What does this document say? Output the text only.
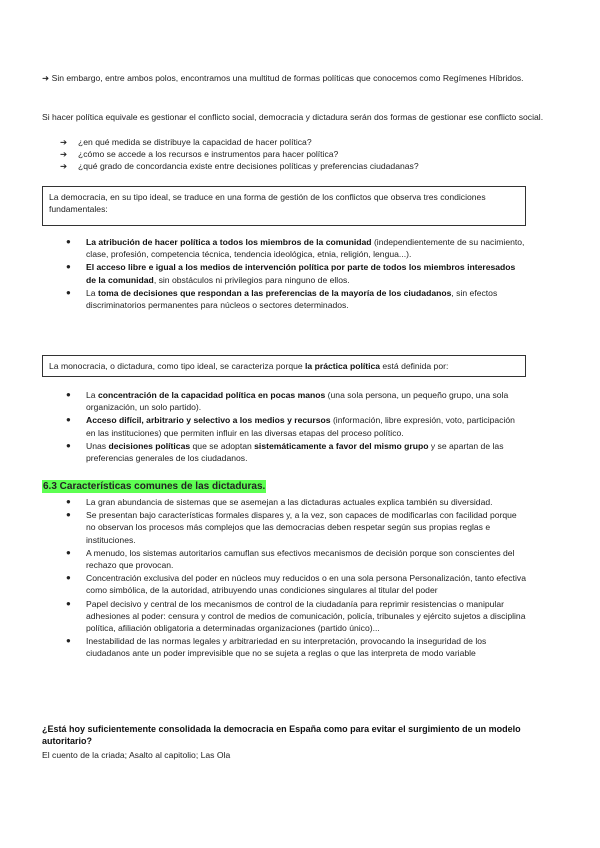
➜ Sin embargo, entre ambos polos, encontramos una multitud de formas políticas que conocemos como Regímenes Híbridos.

Si hacer política equivale es gestionar el conflicto social, democracia y dictadura serán dos formas de gestionar ese conflicto social.

➔ ¿en qué medida se distribuye la capacidad de hacer política?
➔ ¿cómo se accede a los recursos e instrumentos para hacer política?
➔ ¿qué grado de concordancia existe entre decisiones políticas y preferencias ciudadanas?
La democracia, en su tipo ideal, se traduce en una forma de gestión de los conflictos que observa tres condiciones fundamentales:
● La atribución de hacer política a todos los miembros de la comunidad (independientemente de su nacimiento, clase, profesión, competencia técnica, tendencia ideológica, etnia, religión, lengua...).
● El acceso libre e igual a los medios de intervención política por parte de todos los miembros interesados de la comunidad, sin obstáculos ni privilegios para ninguno de ellos.
● La toma de decisiones que respondan a las preferencias de la mayoría de los ciudadanos, sin efectos discriminatorios permanentes para núcleos o sectores determinados.
La monocracia, o dictadura, como tipo ideal, se caracteriza porque la práctica política está definida por:
● La concentración de la capacidad política en pocas manos (una sola persona, un pequeño grupo, una sola organización, un solo partido).
● Acceso difícil, arbitrario y selectivo a los medios y recursos (información, libre expresión, voto, participación en las instituciones) que permiten influir en las diversas etapas del proceso político.
● Unas decisiones políticas que se adoptan sistemáticamente a favor del mismo grupo y se apartan de las preferencias generales de los ciudadanos.
6.3 Características comunes de las dictaduras.
● La gran abundancia de sistemas que se asemejan a las dictaduras actuales explica también su diversidad.
● Se presentan bajo características formales dispares y, a la vez, son capaces de modificarlas con facilidad porque no observan los procesos más complejos que las democracias deben respetar según sus propias reglas e instituciones.
● A menudo, los sistemas autoritarios camuflan sus efectivos mecanismos de decisión porque son conscientes del rechazo que provocan.
● Concentración exclusiva del poder en núcleos muy reducidos o en una sola persona Personalización, tanto efectiva como simbólica, de la autoridad, atribuyendo unas condiciones singulares al titular del poder
● Papel decisivo y central de los mecanismos de control de la ciudadanía para reprimir resistencias o manipular adhesiones al poder: censura y control de medios de comunicación, policía, tribunales y ejército sujetos a disciplina política, afiliación obligatoria a determinadas organizaciones (partido único)...
● Inestabilidad de las normas legales y arbitrariedad en su interpretación, provocando la inseguridad de los ciudadanos ante un poder imprevisible que no se sujeta a reglas o que las interpreta de modo variable
¿Está hoy suficientemente consolidada la democracia en España como para evitar el surgimiento de un modelo autoritario?
El cuento de la criada; Asalto al capitolio; Las Ola
